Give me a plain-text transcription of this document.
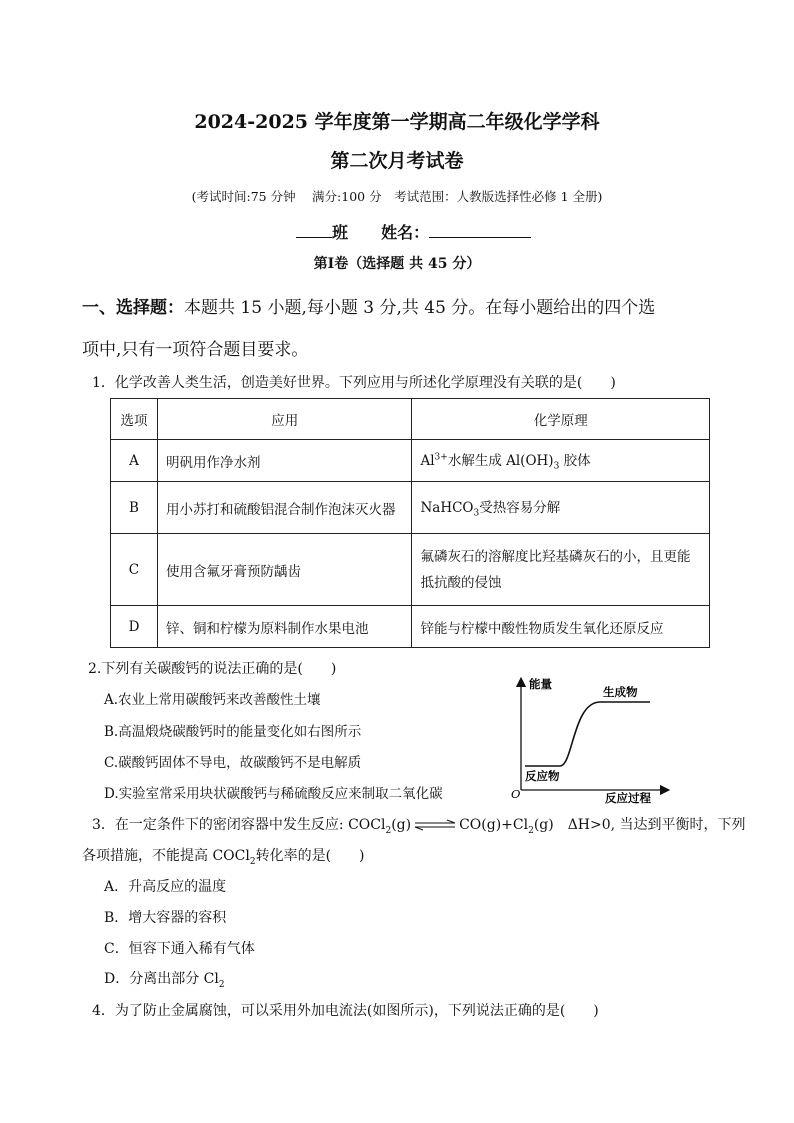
2024-2025 学年度第一学期高二年级化学学科
第二次月考试卷
(考试时间:75 分钟　 满分:100 分　考试范围：人教版选择性必修 1 全册)
班 姓名：
第Ⅰ卷（选择题 共 45 分）
一、选择题：本题共 15 小题,每小题 3 分,共 45 分。在每小题给出的四个选
项中,只有一项符合题目要求。
1．化学改善人类生活，创造美好世界。下列应用与所述化学原理没有关联的是(　　)
选项	应用	化学原理
A	明矾用作净水剂	$Al^{3+}$水解生成 $Al(OH)_3$ 胶体
B	用小苏打和硫酸铝混合制作泡沫灭火器	NaHCO$_3$受热容易分解
C	使用含氟牙膏预防龋齿	氟磷灰石的溶解度比羟基磷灰石的小，且更能
抵抗酸的侵蚀
D	锌、铜和柠檬为原料制作水果电池	锌能与柠檬中酸性物质发生氧化还原反应
2.下列有关碳酸钙的说法正确的是(　　)
A.农业上常用碳酸钙来改善酸性土壤
B.高温煅烧碳酸钙时的能量变化如右图所示
C.碳酸钙固体不导电，故碳酸钙不是电解质
D.实验室常采用块状碳酸钙与稀硫酸反应来制取二氧化碳
能量
生成物
反应物
O	反应过程
3．在一定条件下的密闭容器中发生反应: COCl$_2$(g) ⇌ $CO(g)+Cl_2(g)$　ΔH>0, 当达到平衡时，下列
各项措施，不能提高 COCl$_2$转化率的是(　　)
A．升高反应的温度
B．增大容器的容积
C．恒容下通入稀有气体
D．分离出部分 $Cl_2$
4．为了防止金属腐蚀，可以采用外加电流法(如图所示)，下列说法正确的是(　　)
